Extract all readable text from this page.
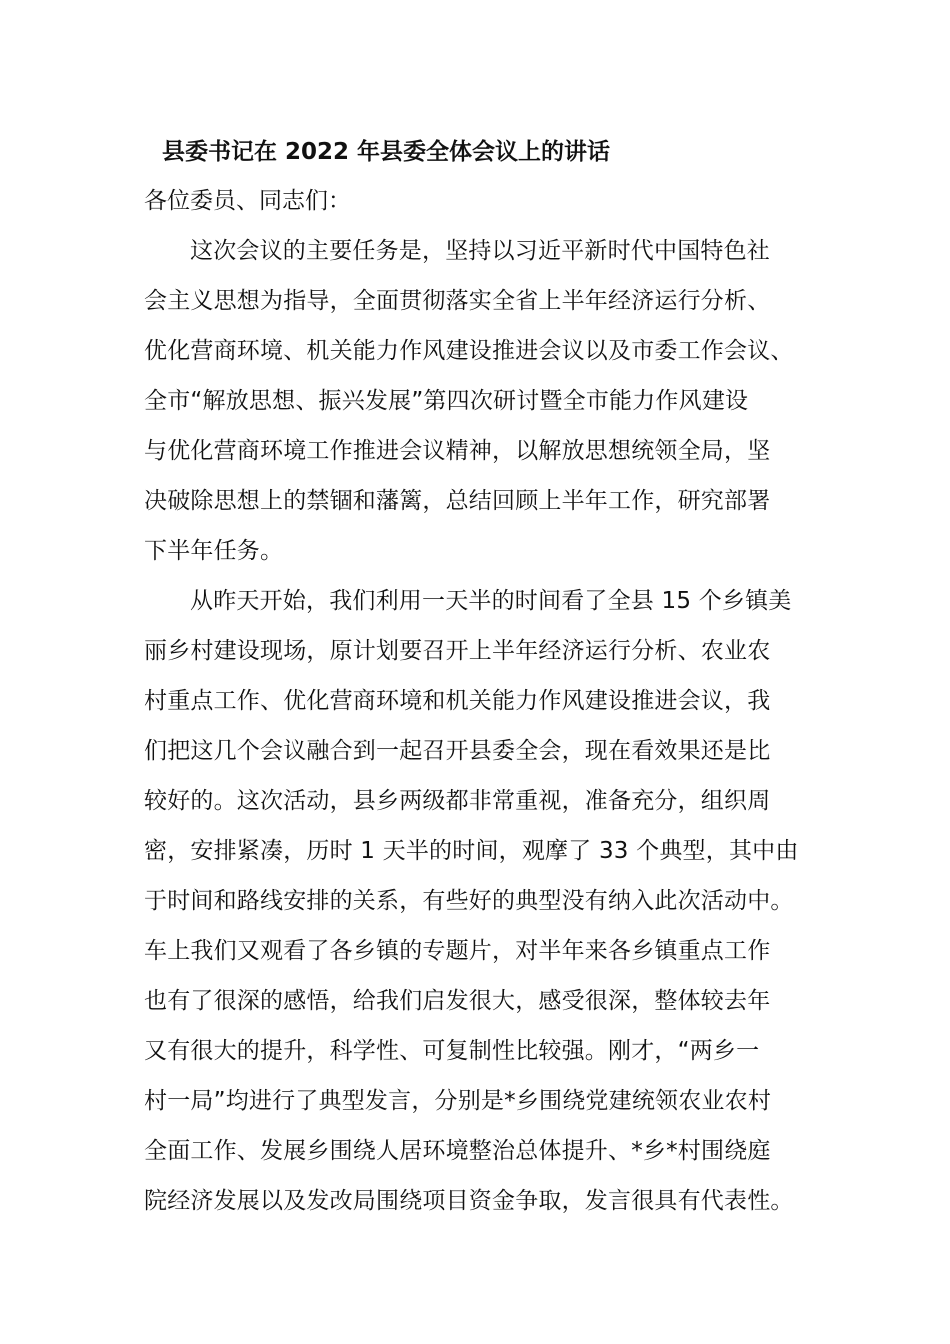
县委书记在 2022 年县委全体会议上的讲话

各位委员、同志们：

这次会议的主要任务是，坚持以习近平新时代中国特色社
会主义思想为指导，全面贯彻落实全省上半年经济运行分析、
优化营商环境、机关能力作风建设推进会议以及市委工作会议、
全市“解放思想、振兴发展”第四次研讨暨全市能力作风建设
与优化营商环境工作推进会议精神，以解放思想统领全局，坚
决破除思想上的禁锢和藩篱，总结回顾上半年工作，研究部署
下半年任务。
从昨天开始，我们利用一天半的时间看了全县 15 个乡镇美
丽乡村建设现场，原计划要召开上半年经济运行分析、农业农
村重点工作、优化营商环境和机关能力作风建设推进会议，我
们把这几个会议融合到一起召开县委全会，现在看效果还是比
较好的。这次活动，县乡两级都非常重视，准备充分，组织周
密，安排紧凑，历时 1 天半的时间，观摩了 33 个典型，其中由
于时间和路线安排的关系，有些好的典型没有纳入此次活动中。
车上我们又观看了各乡镇的专题片，对半年来各乡镇重点工作
也有了很深的感悟，给我们启发很大，感受很深，整体较去年
又有很大的提升，科学性、可复制性比较强。刚才，“两乡一
村一局”均进行了典型发言，分别是*乡围绕党建统领农业农村
全面工作、发展乡围绕人居环境整治总体提升、*乡*村围绕庭
院经济发展以及发改局围绕项目资金争取，发言很具有代表性。
